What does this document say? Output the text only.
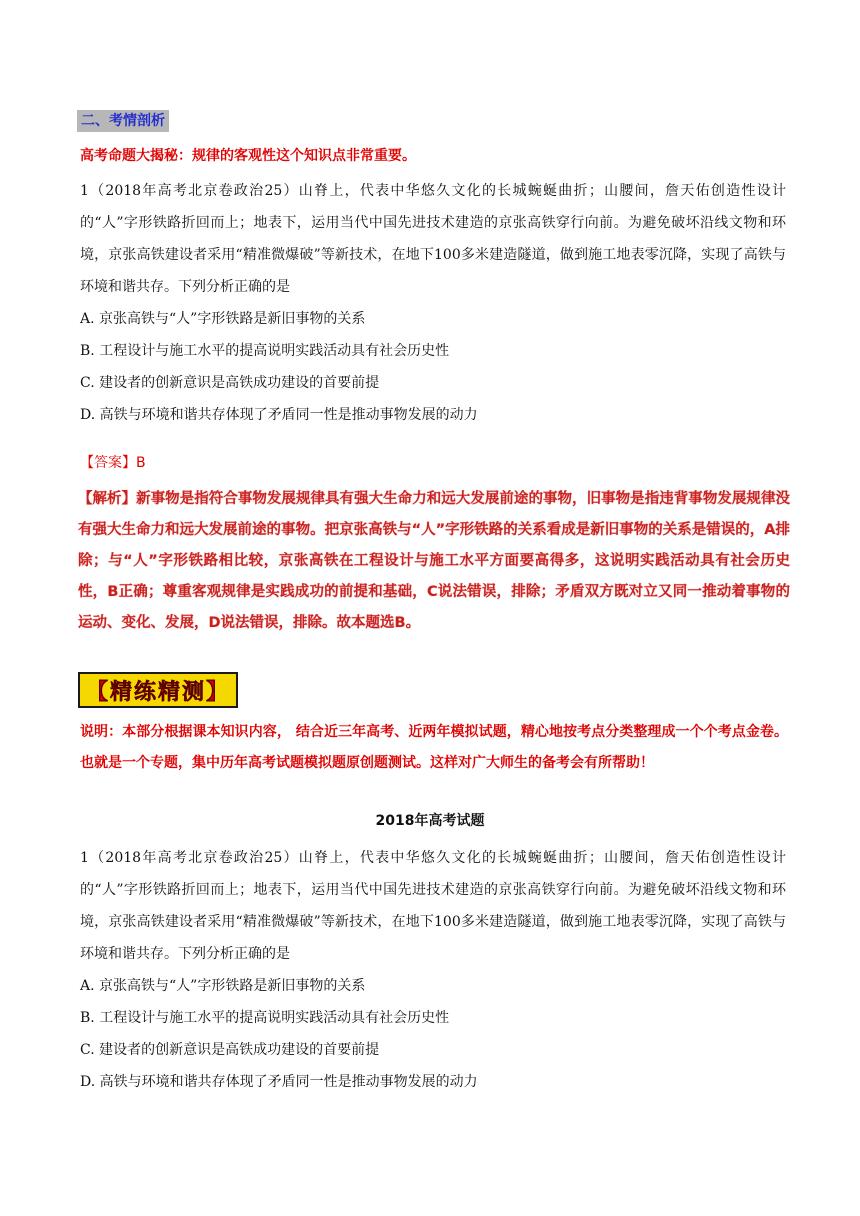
二、考情剖析
高考命题大揭秘：规律的客观性这个知识点非常重要。

1（2018年高考北京卷政治25）山脊上，代表中华悠久文化的长城蜿蜒曲折；山腰间，詹天佑创造性设计的“人”字形铁路折回而上；地表下，运用当代中国先进技术建造的京张高铁穿行向前。为避免破坏沿线文物和环境，京张高铁建设者采用“精准微爆破”等新技术，在地下100多米建造隧道，做到施工地表零沉降，实现了高铁与环境和谐共存。下列分析正确的是

A. 京张高铁与“人”字形铁路是新旧事物的关系

B. 工程设计与施工水平的提高说明实践活动具有社会历史性

C. 建设者的创新意识是高铁成功建设的首要前提

D. 高铁与环境和谐共存体现了矛盾同一性是推动事物发展的动力

【答案】B
【解析】新事物是指符合事物发展规律具有强大生命力和远大发展前途的事物，旧事物是指违背事物发展规律没有强大生命力和远大发展前途的事物。把京张高铁与“人”字形铁路的关系看成是新旧事物的关系是错误的，A排除；与“人”字形铁路相比较，京张高铁在工程设计与施工水平方面要高得多，这说明实践活动具有社会历史性，B正确；尊重客观规律是实践成功的前提和基础，C说法错误，排除；矛盾双方既对立又同一推动着事物的运动、变化、发展，D说法错误，排除。故本题选B。
【精练精测】
说明：本部分根据课本知识内容， 结合近三年高考、近两年模拟试题，精心地按考点分类整理成一个个考点金卷。也就是一个专题，集中历年高考试题模拟题原创题测试。这样对广大师生的备考会有所帮助！
2018年高考试题

1（2018年高考北京卷政治25）山脊上，代表中华悠久文化的长城蜿蜒曲折；山腰间，詹天佑创造性设计的“人”字形铁路折回而上；地表下，运用当代中国先进技术建造的京张高铁穿行向前。为避免破坏沿线文物和环境，京张高铁建设者采用“精准微爆破”等新技术，在地下100多米建造隧道，做到施工地表零沉降，实现了高铁与环境和谐共存。下列分析正确的是

A. 京张高铁与“人”字形铁路是新旧事物的关系

B. 工程设计与施工水平的提高说明实践活动具有社会历史性

C. 建设者的创新意识是高铁成功建设的首要前提

D. 高铁与环境和谐共存体现了矛盾同一性是推动事物发展的动力
